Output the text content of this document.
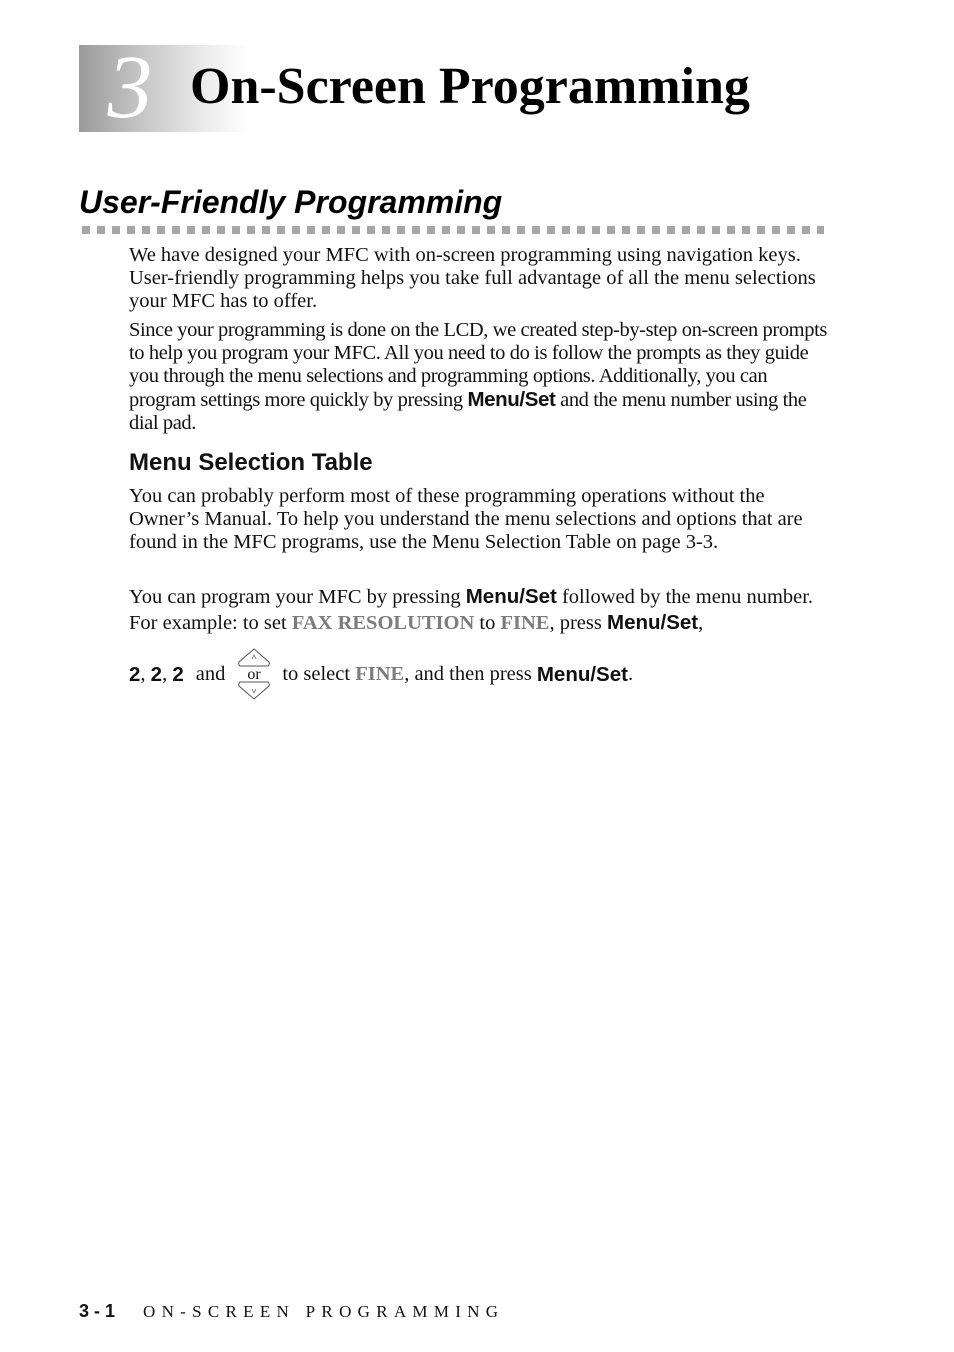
3 On-Screen Programming
User-Friendly Programming

We have designed your MFC with on-screen programming using navigation keys. User-friendly programming helps you take full advantage of all the menu selections your MFC has to offer.

Since your programming is done on the LCD, we created step-by-step on-screen prompts to help you program your MFC. All you need to do is follow the prompts as they guide you through the menu selections and programming options. Additionally, you can program settings more quickly by pressing Menu/Set and the menu number using the dial pad.

Menu Selection Table

You can probably perform most of these programming operations without the Owner’s Manual. To help you understand the menu selections and options that are found in the MFC programs, use the Menu Selection Table on page 3-3.

You can program your MFC by pressing Menu/Set followed by the menu number. For example: to set FAX RESOLUTION to FINE, press Menu/Set,

2 , 2 , 2 and or to select FINE , and then press Menu/Set .

3 - 1 ON-SCREEN PROGRAMMING
